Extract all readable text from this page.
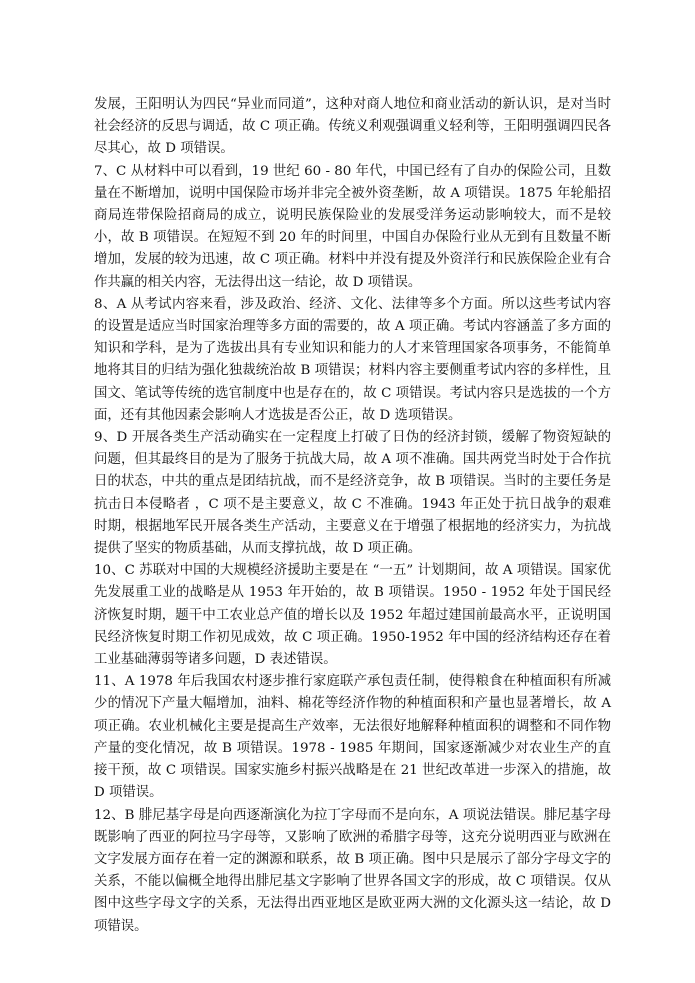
发展，王阳明认为四民“异业而同道”，这种对商人地位和商业活动的新认识，是对当时社会经济的反思与调适，故 C 项正确。传统义利观强调重义轻利等，王阳明强调四民各尽其心，故 D 项错误。

7、C 从材料中可以看到，19 世纪 60 - 80 年代，中国已经有了自办的保险公司，且数量在不断增加，说明中国保险市场并非完全被外资垄断，故 A 项错误。1875 年轮船招商局连带保险招商局的成立，说明民族保险业的发展受洋务运动影响较大，而不是较小，故 B 项错误。在短短不到 20 年的时间里，中国自办保险行业从无到有且数量不断增加，发展的较为迅速，故 C 项正确。材料中并没有提及外资洋行和民族保险企业有合作共赢的相关内容，无法得出这一结论，故 D 项错误。

8、A 从考试内容来看，涉及政治、经济、文化、法律等多个方面。所以这些考试内容的设置是适应当时国家治理等多方面的需要的，故 A 项正确。考试内容涵盖了多方面的知识和学科，是为了选拔出具有专业知识和能力的人才来管理国家各项事务，不能简单地将其目的归结为强化独裁统治故 B 项错误；材料内容主要侧重考试内容的多样性，且国文、笔试等传统的选官制度中也是存在的，故 C 项错误。考试内容只是选拔的一个方面，还有其他因素会影响人才选拔是否公正，故 D 选项错误。

9、D 开展各类生产活动确实在一定程度上打破了日伪的经济封锁，缓解了物资短缺的问题，但其最终目的是为了服务于抗战大局，故 A 项不准确。国共两党当时处于合作抗日的状态，中共的重点是团结抗战，而不是经济竞争，故 B 项错误。当时的主要任务是抗击日本侵略者 ，C 项不是主要意义，故 C 不准确。1943 年正处于抗日战争的艰难时期，根据地军民开展各类生产活动，主要意义在于增强了根据地的经济实力，为抗战提供了坚实的物质基础，从而支撑抗战，故 D 项正确。

10、C 苏联对中国的大规模经济援助主要是在 “一五” 计划期间，故 A 项错误。国家优先发展重工业的战略是从 1953 年开始的，故 B 项错误。1950 - 1952 年处于国民经济恢复时期，题干中工农业总产值的增长以及 1952 年超过建国前最高水平，正说明国民经济恢复时期工作初见成效，故 C 项正确。1950-1952 年中国的经济结构还存在着工业基础薄弱等诸多问题，D 表述错误。

11、A 1978 年后我国农村逐步推行家庭联产承包责任制，使得粮食在种植面积有所减少的情况下产量大幅增加，油料、棉花等经济作物的种植面积和产量也显著增长，故 A 项正确。农业机械化主要是提高生产效率，无法很好地解释种植面积的调整和不同作物产量的变化情况，故 B 项错误。1978 - 1985 年期间，国家逐渐减少对农业生产的直接干预，故 C 项错误。国家实施乡村振兴战略是在 21 世纪改革进一步深入的措施，故 D 项错误。

12、B 腓尼基字母是向西逐渐演化为拉丁字母而不是向东，A 项说法错误。腓尼基字母既影响了西亚的阿拉马字母等，又影响了欧洲的希腊字母等，这充分说明西亚与欧洲在文字发展方面存在着一定的渊源和联系，故 B 项正确。图中只是展示了部分字母文字的关系，不能以偏概全地得出腓尼基文字影响了世界各国文字的形成，故 C 项错误。仅从图中这些字母文字的关系，无法得出西亚地区是欧亚两大洲的文化源头这一结论，故 D 项错误。
